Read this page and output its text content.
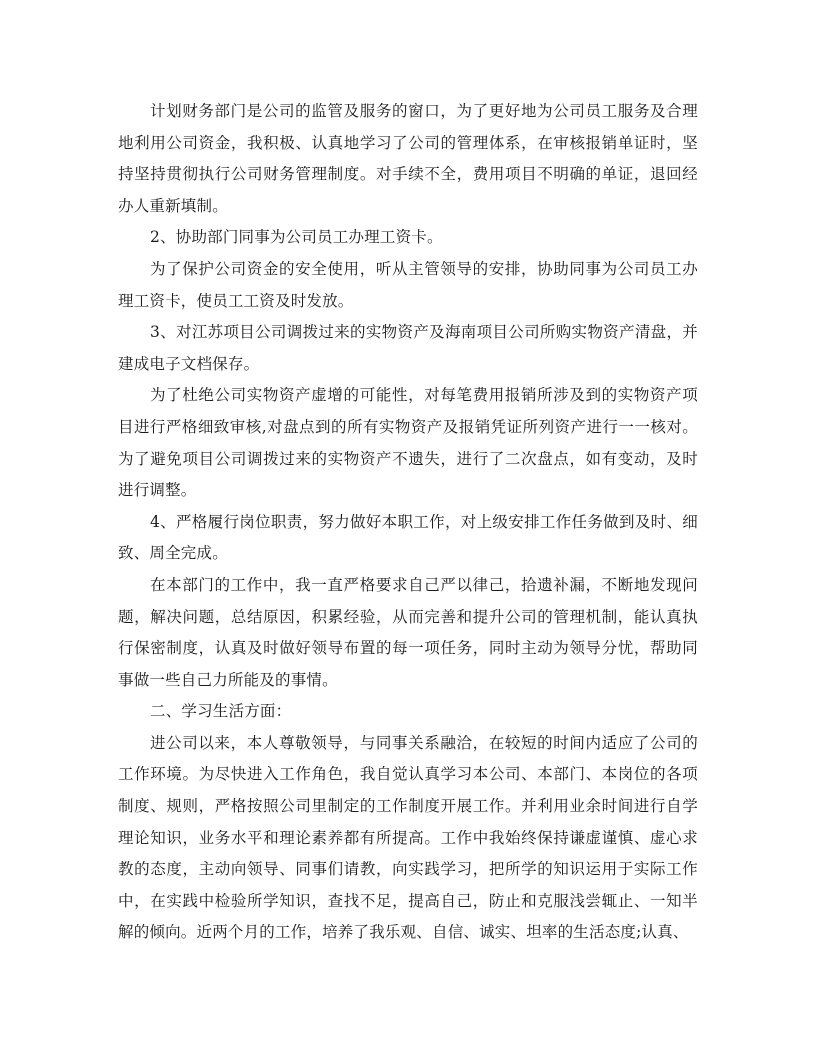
计划财务部门是公司的监管及服务的窗口，为了更好地为公司员工服务及合理地利用公司资金，我积极、认真地学习了公司的管理体系，在审核报销单证时，坚持坚持贯彻执行公司财务管理制度。对手续不全，费用项目不明确的单证，退回经办人重新填制。

2、协助部门同事为公司员工办理工资卡。

为了保护公司资金的安全使用，听从主管领导的安排，协助同事为公司员工办理工资卡，使员工工资及时发放。

3、对江苏项目公司调拨过来的实物资产及海南项目公司所购实物资产清盘，并建成电子文档保存。

为了杜绝公司实物资产虚增的可能性，对每笔费用报销所涉及到的实物资产项目进行严格细致审核,对盘点到的所有实物资产及报销凭证所列资产进行一一核对。为了避免项目公司调拨过来的实物资产不遗失，进行了二次盘点，如有变动，及时进行调整。

4、严格履行岗位职责，努力做好本职工作，对上级安排工作任务做到及时、细致、周全完成。

在本部门的工作中，我一直严格要求自己严以律己，拾遗补漏，不断地发现问题，解决问题，总结原因，积累经验，从而完善和提升公司的管理机制，能认真执行保密制度，认真及时做好领导布置的每一项任务，同时主动为领导分忧，帮助同事做一些自己力所能及的事情。

二、学习生活方面：

进公司以来，本人尊敬领导，与同事关系融洽，在较短的时间内适应了公司的工作环境。为尽快进入工作角色，我自觉认真学习本公司、本部门、本岗位的各项制度、规则，严格按照公司里制定的工作制度开展工作。并利用业余时间进行自学理论知识，业务水平和理论素养都有所提高。工作中我始终保持谦虚谨慎、虚心求教的态度，主动向领导、同事们请教，向实践学习，把所学的知识运用于实际工作中，在实践中检验所学知识，查找不足，提高自己，防止和克服浅尝辄止、一知半解的倾向。近两个月的工作，培养了我乐观、自信、诚实、坦率的生活态度;认真、
